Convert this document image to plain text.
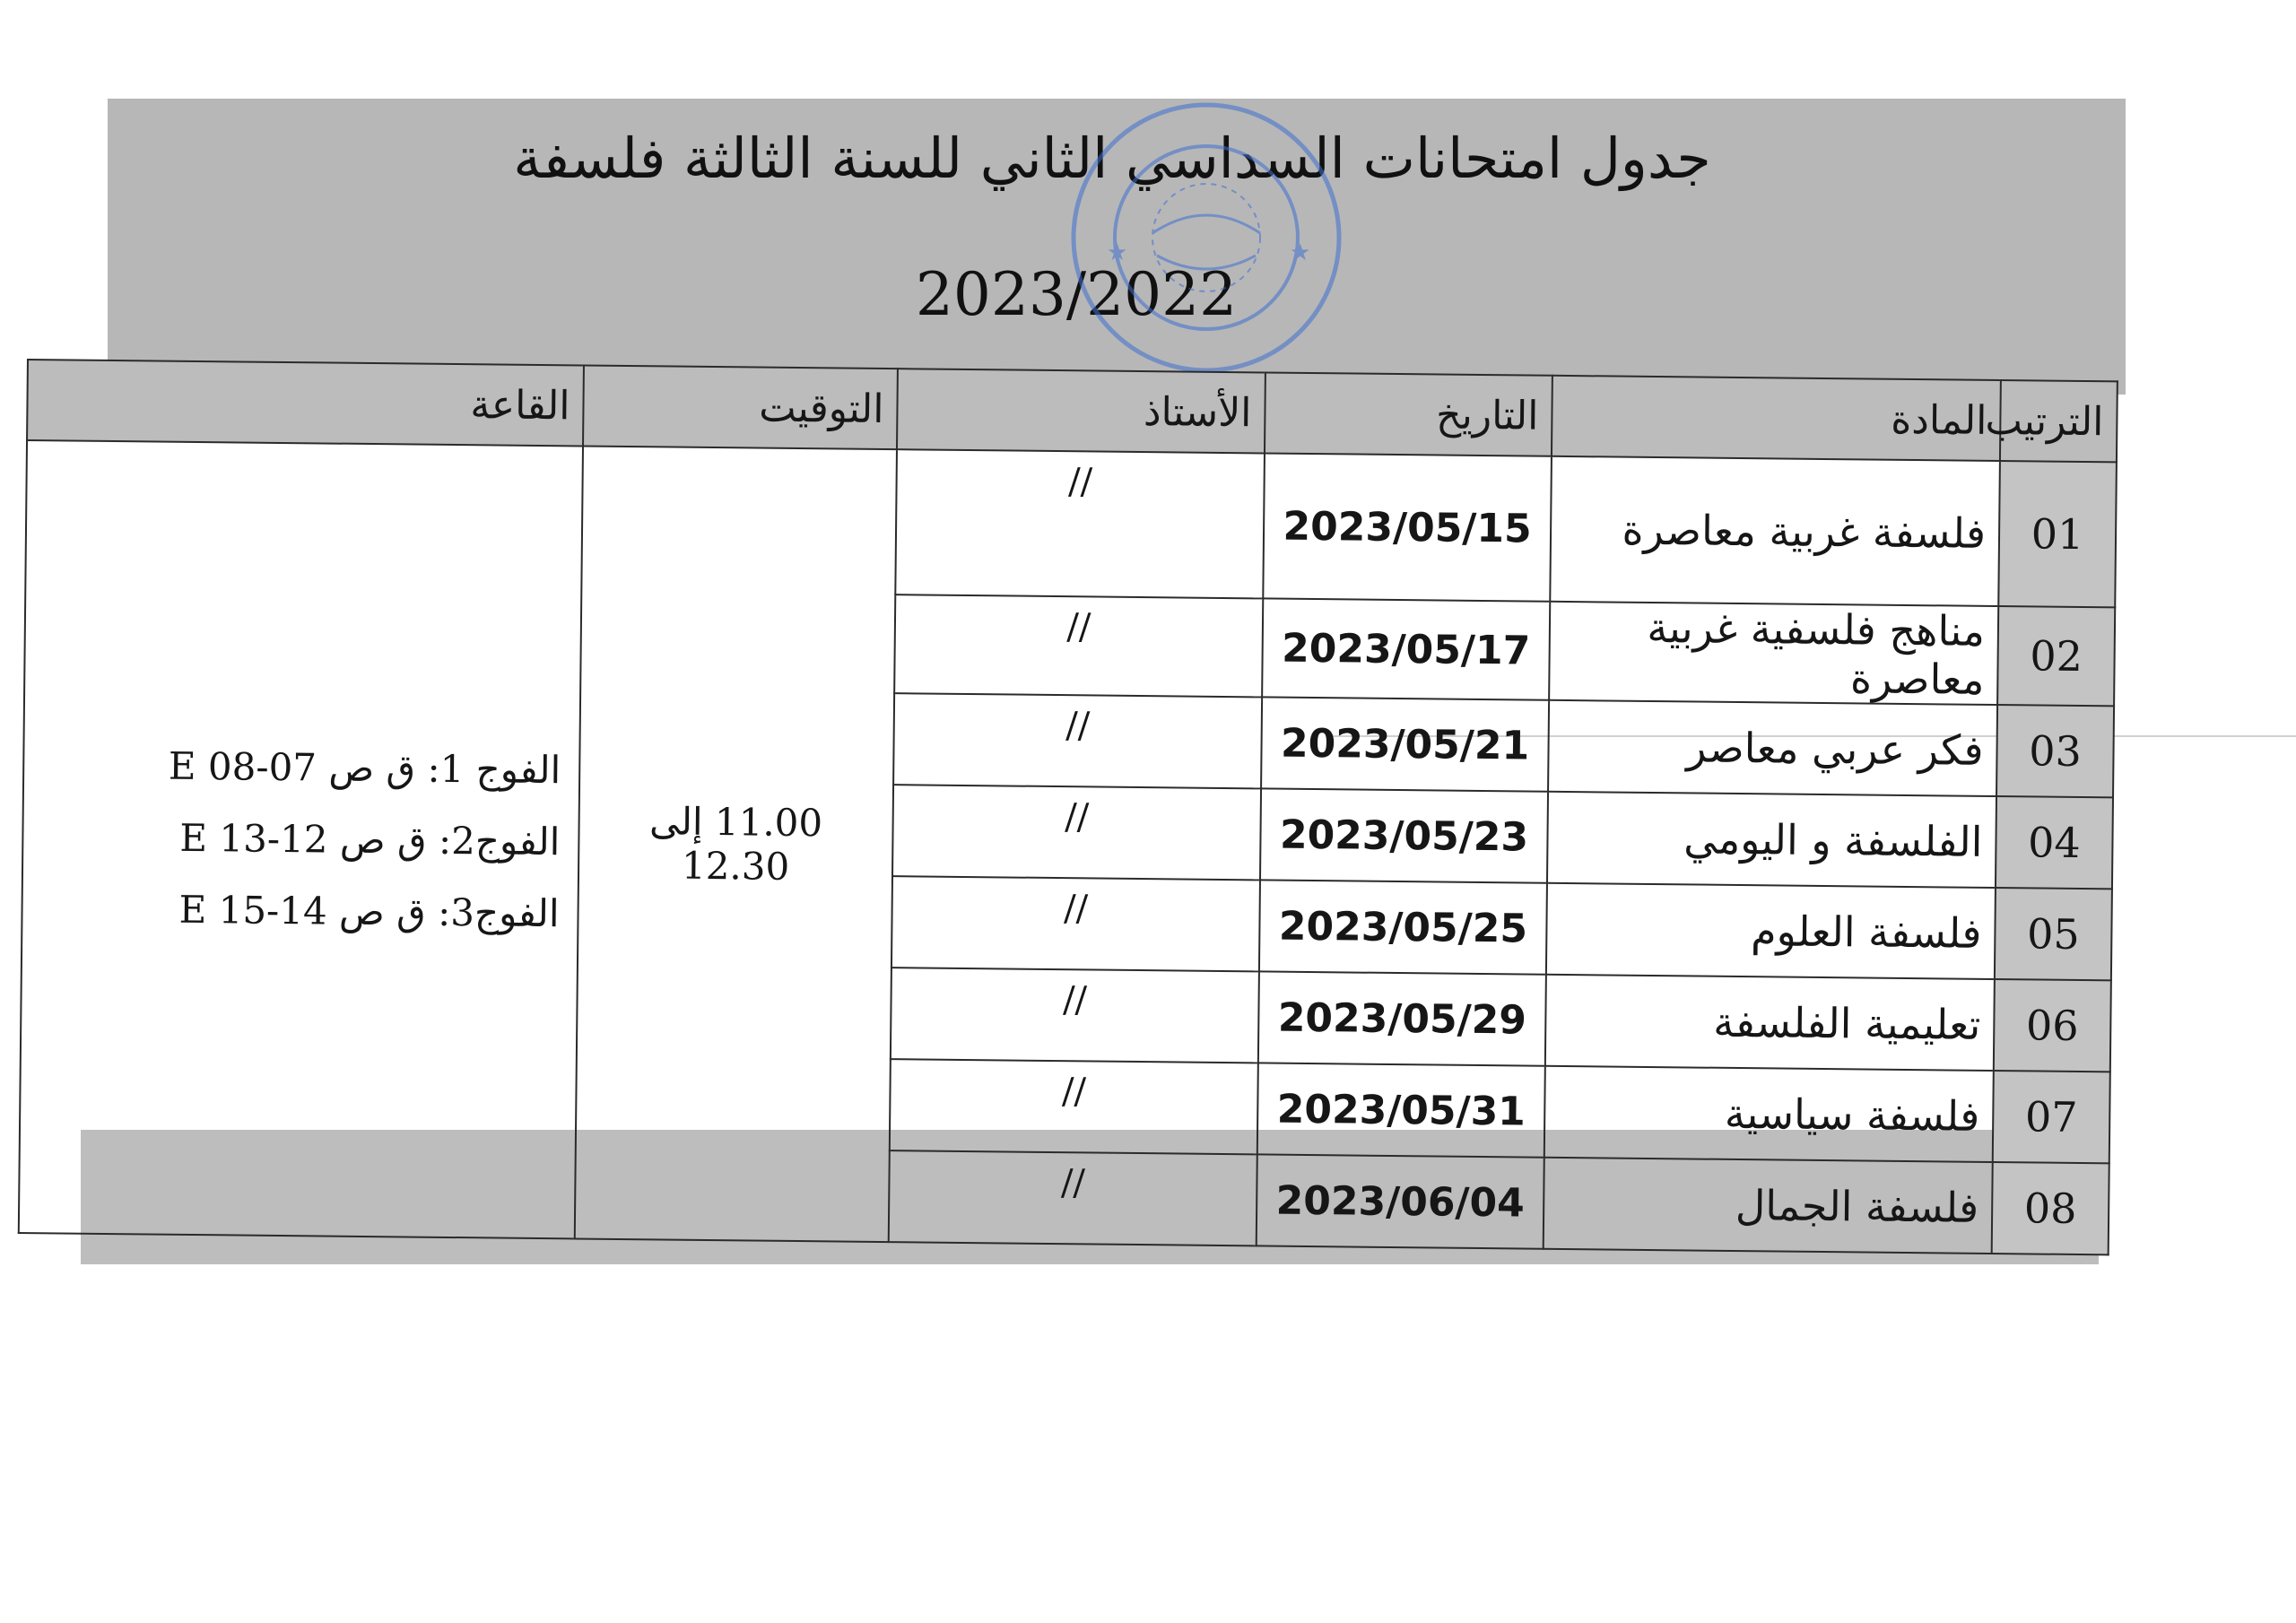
جدول امتحانات السداسي الثاني للسنة الثالثة فلسفة
2023/2022
★	★
الترتيب	المادة	التاريخ	الأستاذ	التوقيت	القاعة
01	فلسفة غربية معاصرة	2023/05/15	//	11.00 إلى 12.30	الفوج 1: ق ص 07-08 E
الفوج2: ق ص 12-13 E
الفوج3: ق ص 14-15 E

02	مناهج فلسفية غربية معاصرة	2023/05/17	//		
03	فكر عربي معاصر	2023/05/21	//		
04	الفلسفة و اليومي	2023/05/23	//		
05	فلسفة العلوم	2023/05/25	//		
06	تعليمية الفلسفة	2023/05/29	//		
07	فلسفة سياسية	2023/05/31	//		
08	فلسفة الجمال	2023/06/04	//		
